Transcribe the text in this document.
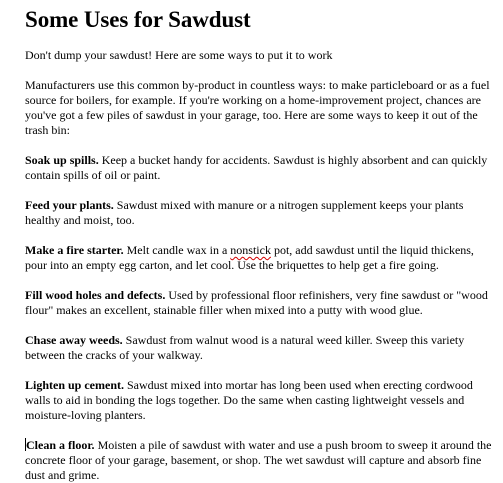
Some Uses for Sawdust

Don't dump your sawdust! Here are some ways to put it to work

Manufacturers use this common by-product in countless ways: to make particleboard or as a fuel source for boilers, for example. If you're working on a home-improvement project, chances are you've got a few piles of sawdust in your garage, too. Here are some ways to keep it out of the trash bin:

Soak up spills. Keep a bucket handy for accidents. Sawdust is highly absorbent and can quickly contain spills of oil or paint.

Feed your plants. Sawdust mixed with manure or a nitrogen supplement keeps your plants healthy and moist, too.

Make a fire starter. Melt candle wax in a nonstick pot, add sawdust until the liquid thickens, pour into an empty egg carton, and let cool. Use the briquettes to help get a fire going.

Fill wood holes and defects. Used by professional floor refinishers, very fine sawdust or "wood flour" makes an excellent, stainable filler when mixed into a putty with wood glue.

Chase away weeds. Sawdust from walnut wood is a natural weed killer. Sweep this variety between the cracks of your walkway.

Lighten up cement. Sawdust mixed into mortar has long been used when erecting cordwood walls to aid in bonding the logs together. Do the same when casting lightweight vessels and moisture-loving planters.

Clean a floor. Moisten a pile of sawdust with water and use a push broom to sweep it around the concrete floor of your garage, basement, or shop. The wet sawdust will capture and absorb fine dust and grime.
